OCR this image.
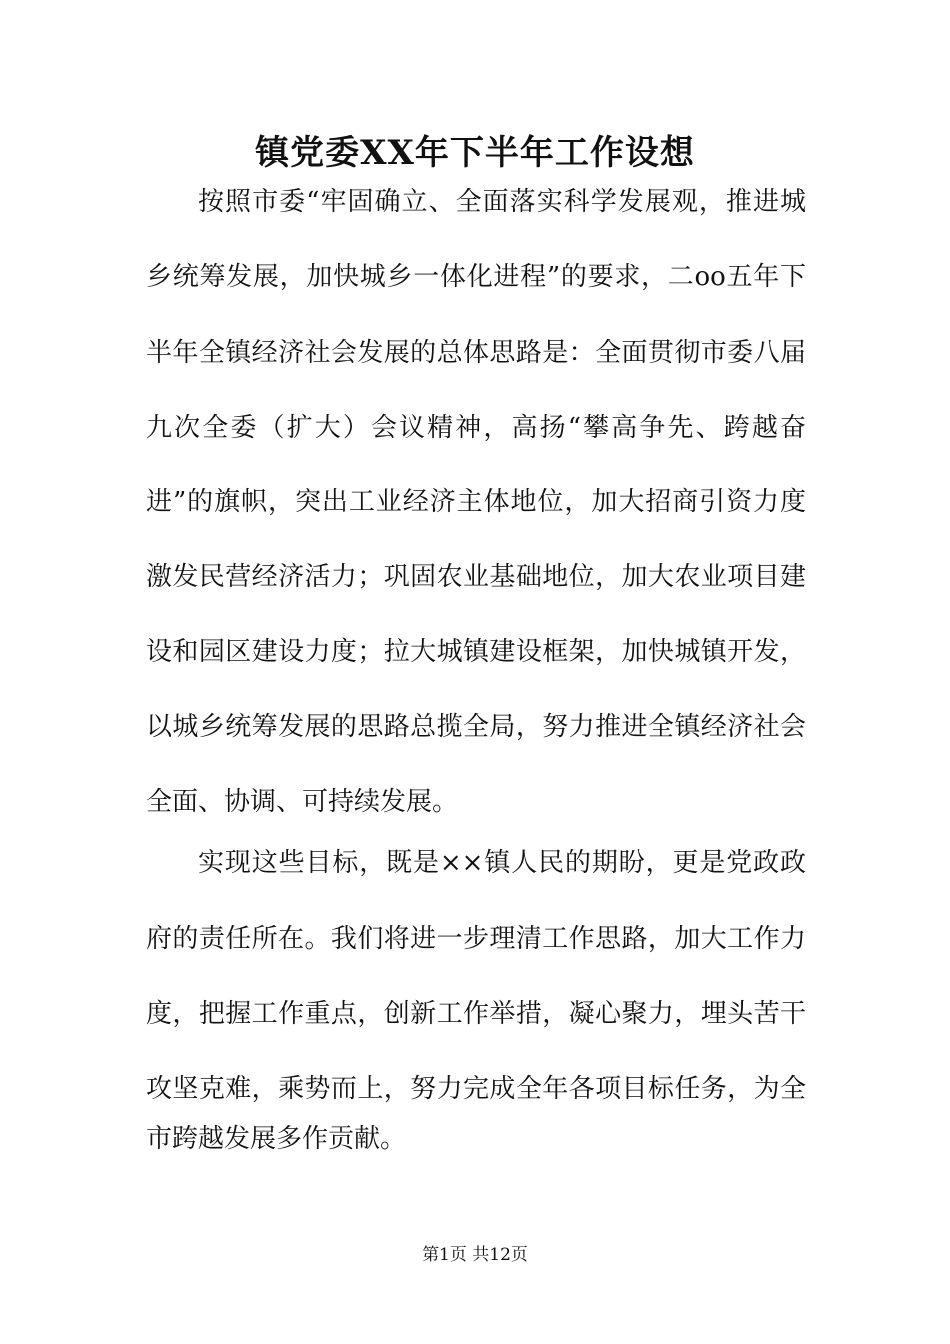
镇党委XX年下半年工作设想

按照市委“牢固确立、全面落实科学发展观，推进城

乡统筹发展，加快城乡一体化进程”的要求，二oo五年下

半年全镇经济社会发展的总体思路是：全面贯彻市委八届

九次全委（扩大）会议精神，高扬“攀高争先、跨越奋

进”的旗帜，突出工业经济主体地位，加大招商引资力度

激发民营经济活力；巩固农业基础地位，加大农业项目建

设和园区建设力度；拉大城镇建设框架，加快城镇开发，

以城乡统筹发展的思路总揽全局，努力推进全镇经济社会

全面、协调、可持续发展。

实现这些目标，既是××镇人民的期盼，更是党政政

府的责任所在。我们将进一步理清工作思路，加大工作力

度，把握工作重点，创新工作举措，凝心聚力，埋头苦干

攻坚克难，乘势而上，努力完成全年各项目标任务，为全

市跨越发展多作贡献。

第1页 共12页
